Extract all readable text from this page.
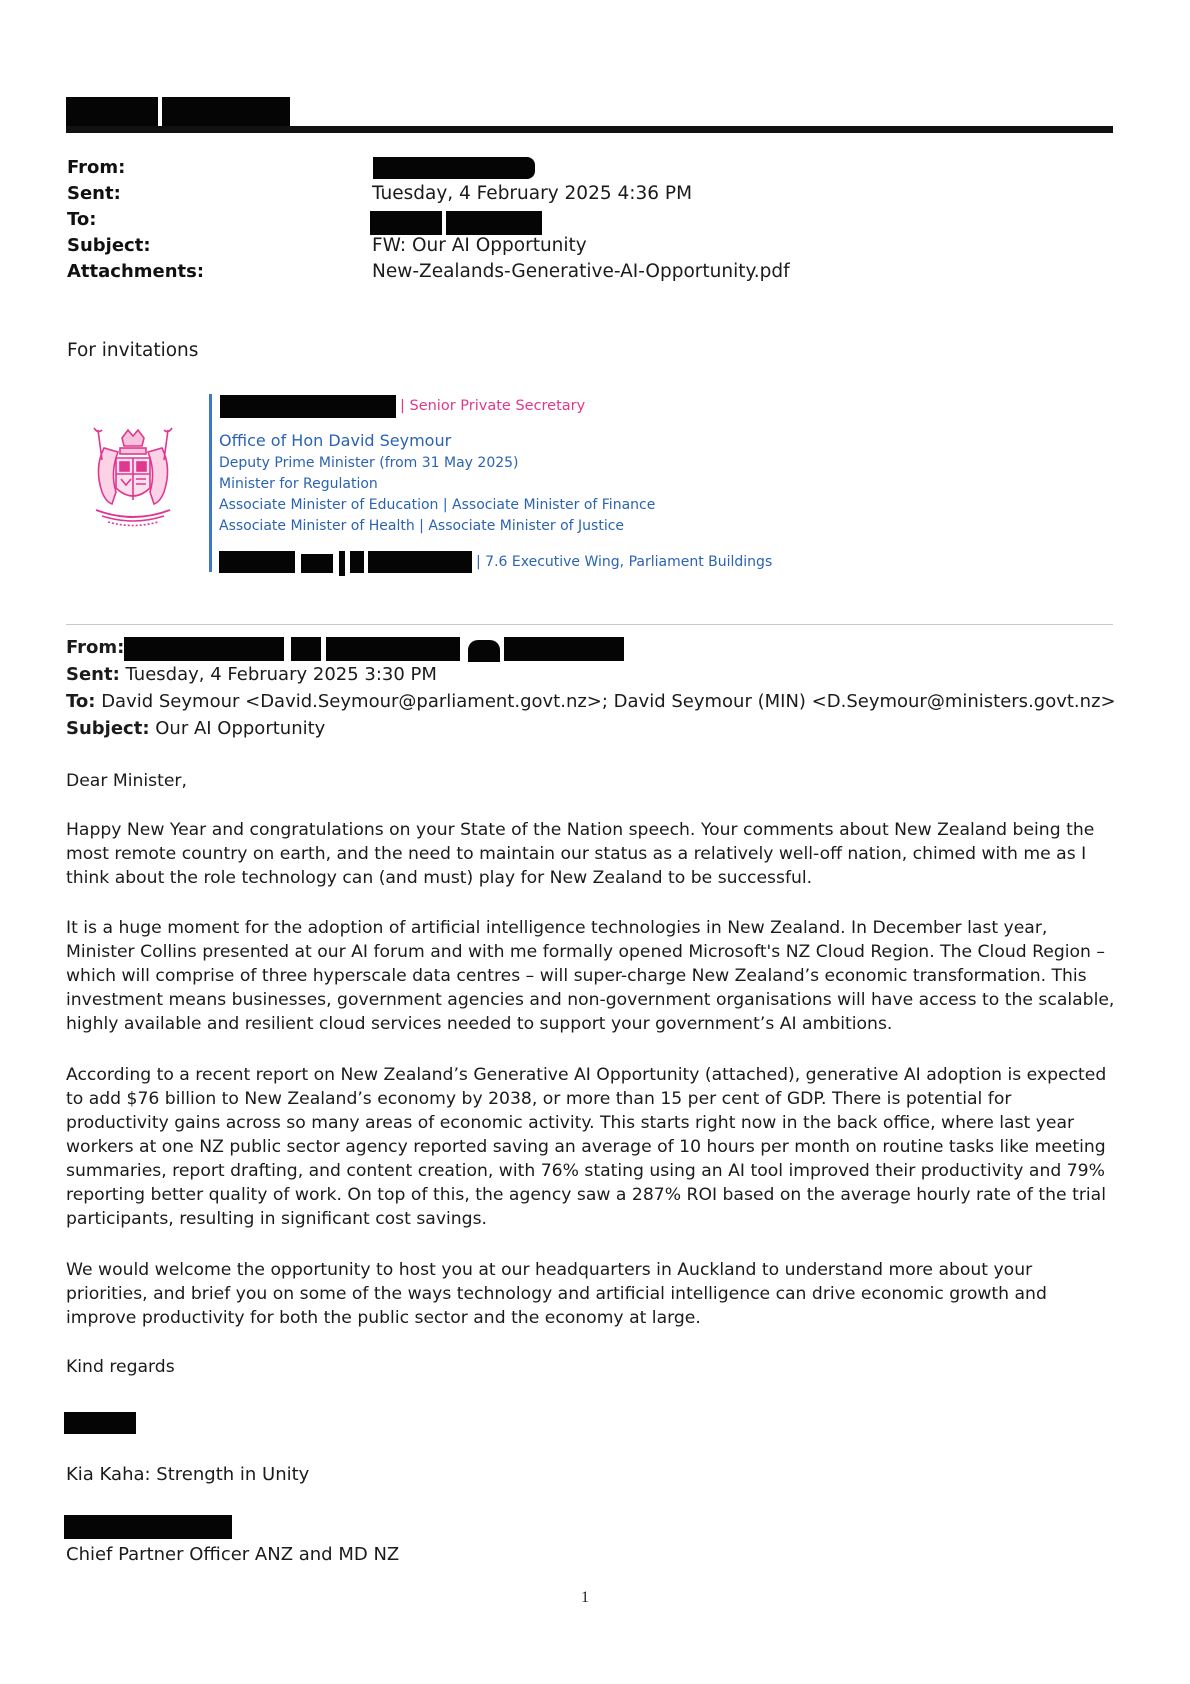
From:
Sent:
To:
Subject:
Attachments:
Tuesday, 4 February 2025 4:36 PM
FW: Our AI Opportunity
New-Zealands-Generative-AI-Opportunity.pdf
For invitations
| Senior Private Secretary
Office of Hon David Seymour
Deputy Prime Minister (from 31 May 2025)
Minister for Regulation
Associate Minister of Education | Associate Minister of Finance
Associate Minister of Health | Associate Minister of Justice
| 7.6 Executive Wing, Parliament Buildings
From:
Sent: Tuesday, 4 February 2025 3:30 PM
To: David Seymour <David.Seymour@parliament.govt.nz>; David Seymour (MIN) <D.Seymour@ministers.govt.nz>
Subject: Our AI Opportunity

Dear Minister,

Happy New Year and congratulations on your State of the Nation speech. Your comments about New Zealand being the most remote country on earth, and the need to maintain our status as a relatively well-off nation, chimed with me as I think about the role technology can (and must) play for New Zealand to be successful.

It is a huge moment for the adoption of artificial intelligence technologies in New Zealand. In December last year, Minister Collins presented at our AI forum and with me formally opened Microsoft's NZ Cloud Region. The Cloud Region – which will comprise of three hyperscale data centres – will super-charge New Zealand’s economic transformation. This investment means businesses, government agencies and non-government organisations will have access to the scalable, highly available and resilient cloud services needed to support your government’s AI ambitions.

According to a recent report on New Zealand’s Generative AI Opportunity (attached), generative AI adoption is expected to add $76 billion to New Zealand’s economy by 2038, or more than 15 per cent of GDP. There is potential for productivity gains across so many areas of economic activity. This starts right now in the back office, where last year workers at one NZ public sector agency reported saving an average of 10 hours per month on routine tasks like meeting summaries, report drafting, and content creation, with 76% stating using an AI tool improved their productivity and 79% reporting better quality of work. On top of this, the agency saw a 287% ROI based on the average hourly rate of the trial participants, resulting in significant cost savings.

We would welcome the opportunity to host you at our headquarters in Auckland to understand more about your priorities, and brief you on some of the ways technology and artificial intelligence can drive economic growth and improve productivity for both the public sector and the economy at large.

Kind regards

Kia Kaha: Strength in Unity

Chief Partner Officer ANZ and MD NZ

1
